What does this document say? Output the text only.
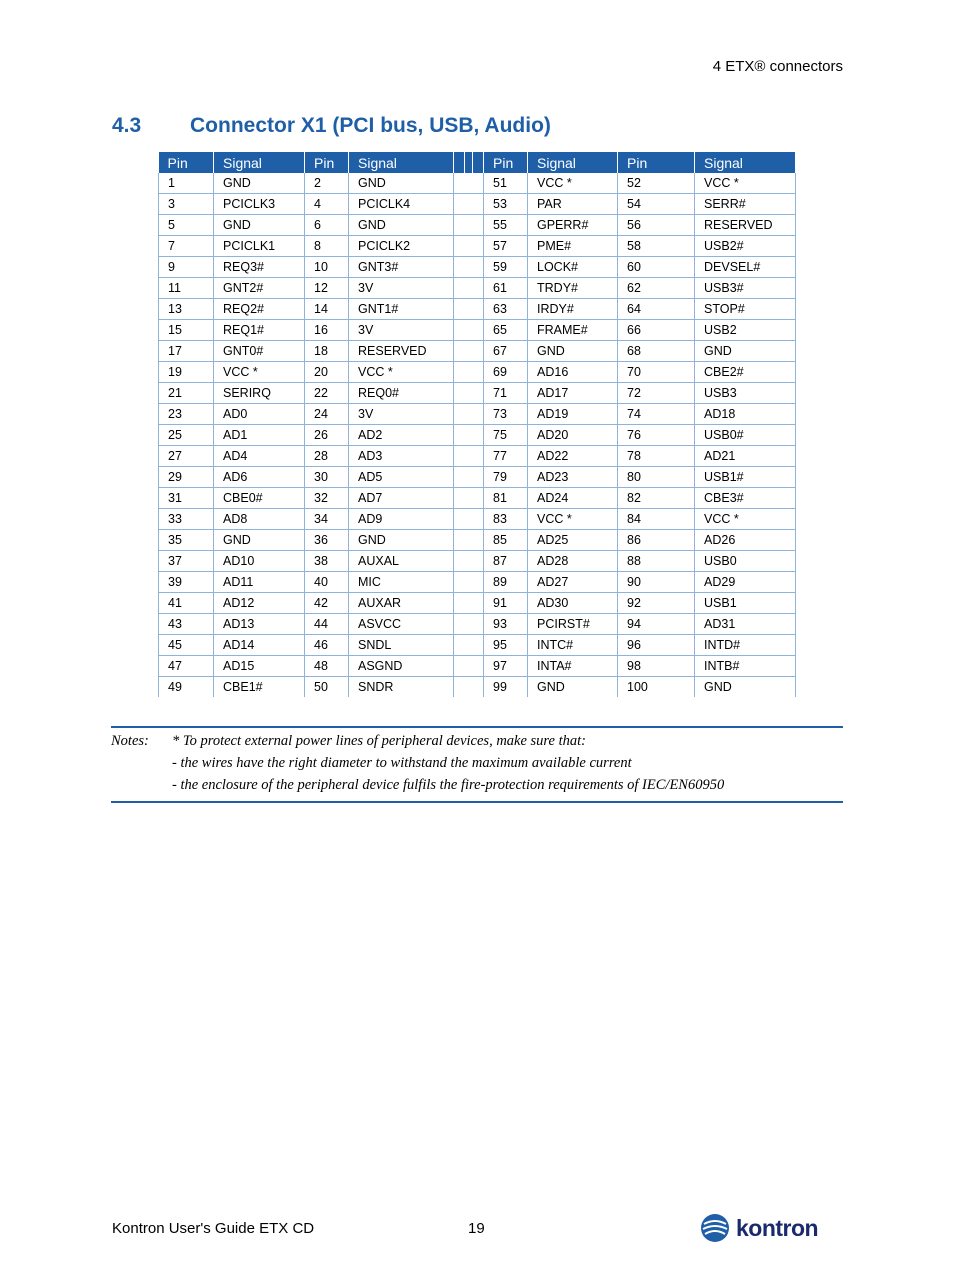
4 ETX® connectors
4.3 Connector X1 (PCI bus, USB, Audio)
Pin	Signal	Pin	Signal		Pin	Signal	Pin	Signal
1	GND	2	GND		51	VCC *	52	VCC *
3	PCICLK3	4	PCICLK4		53	PAR	54	SERR#
5	GND	6	GND		55	GPERR#	56	RESERVED
7	PCICLK1	8	PCICLK2		57	PME#	58	USB2#
9	REQ3#	10	GNT3#		59	LOCK#	60	DEVSEL#
11	GNT2#	12	3V		61	TRDY#	62	USB3#
13	REQ2#	14	GNT1#		63	IRDY#	64	STOP#
15	REQ1#	16	3V		65	FRAME#	66	USB2
17	GNT0#	18	RESERVED		67	GND	68	GND
19	VCC *	20	VCC *		69	AD16	70	CBE2#
21	SERIRQ	22	REQ0#		71	AD17	72	USB3
23	AD0	24	3V		73	AD19	74	AD18
25	AD1	26	AD2		75	AD20	76	USB0#
27	AD4	28	AD3		77	AD22	78	AD21
29	AD6	30	AD5		79	AD23	80	USB1#
31	CBE0#	32	AD7		81	AD24	82	CBE3#
33	AD8	34	AD9		83	VCC *	84	VCC *
35	GND	36	GND		85	AD25	86	AD26
37	AD10	38	AUXAL		87	AD28	88	USB0
39	AD11	40	MIC		89	AD27	90	AD29
41	AD12	42	AUXAR		91	AD30	92	USB1
43	AD13	44	ASVCC		93	PCIRST#	94	AD31
45	AD14	46	SNDL		95	INTC#	96	INTD#
47	AD15	48	ASGND		97	INTA#	98	INTB#
49	CBE1#	50	SNDR		99	GND	100	GND
Notes:	* To protect external power lines of peripheral devices, make sure that:
- the wires have the right diameter to withstand the maximum available current
- the enclosure of the peripheral device fulfils the fire-protection requirements of IEC/EN60950
Kontron User's Guide ETX CD	19	kontron
